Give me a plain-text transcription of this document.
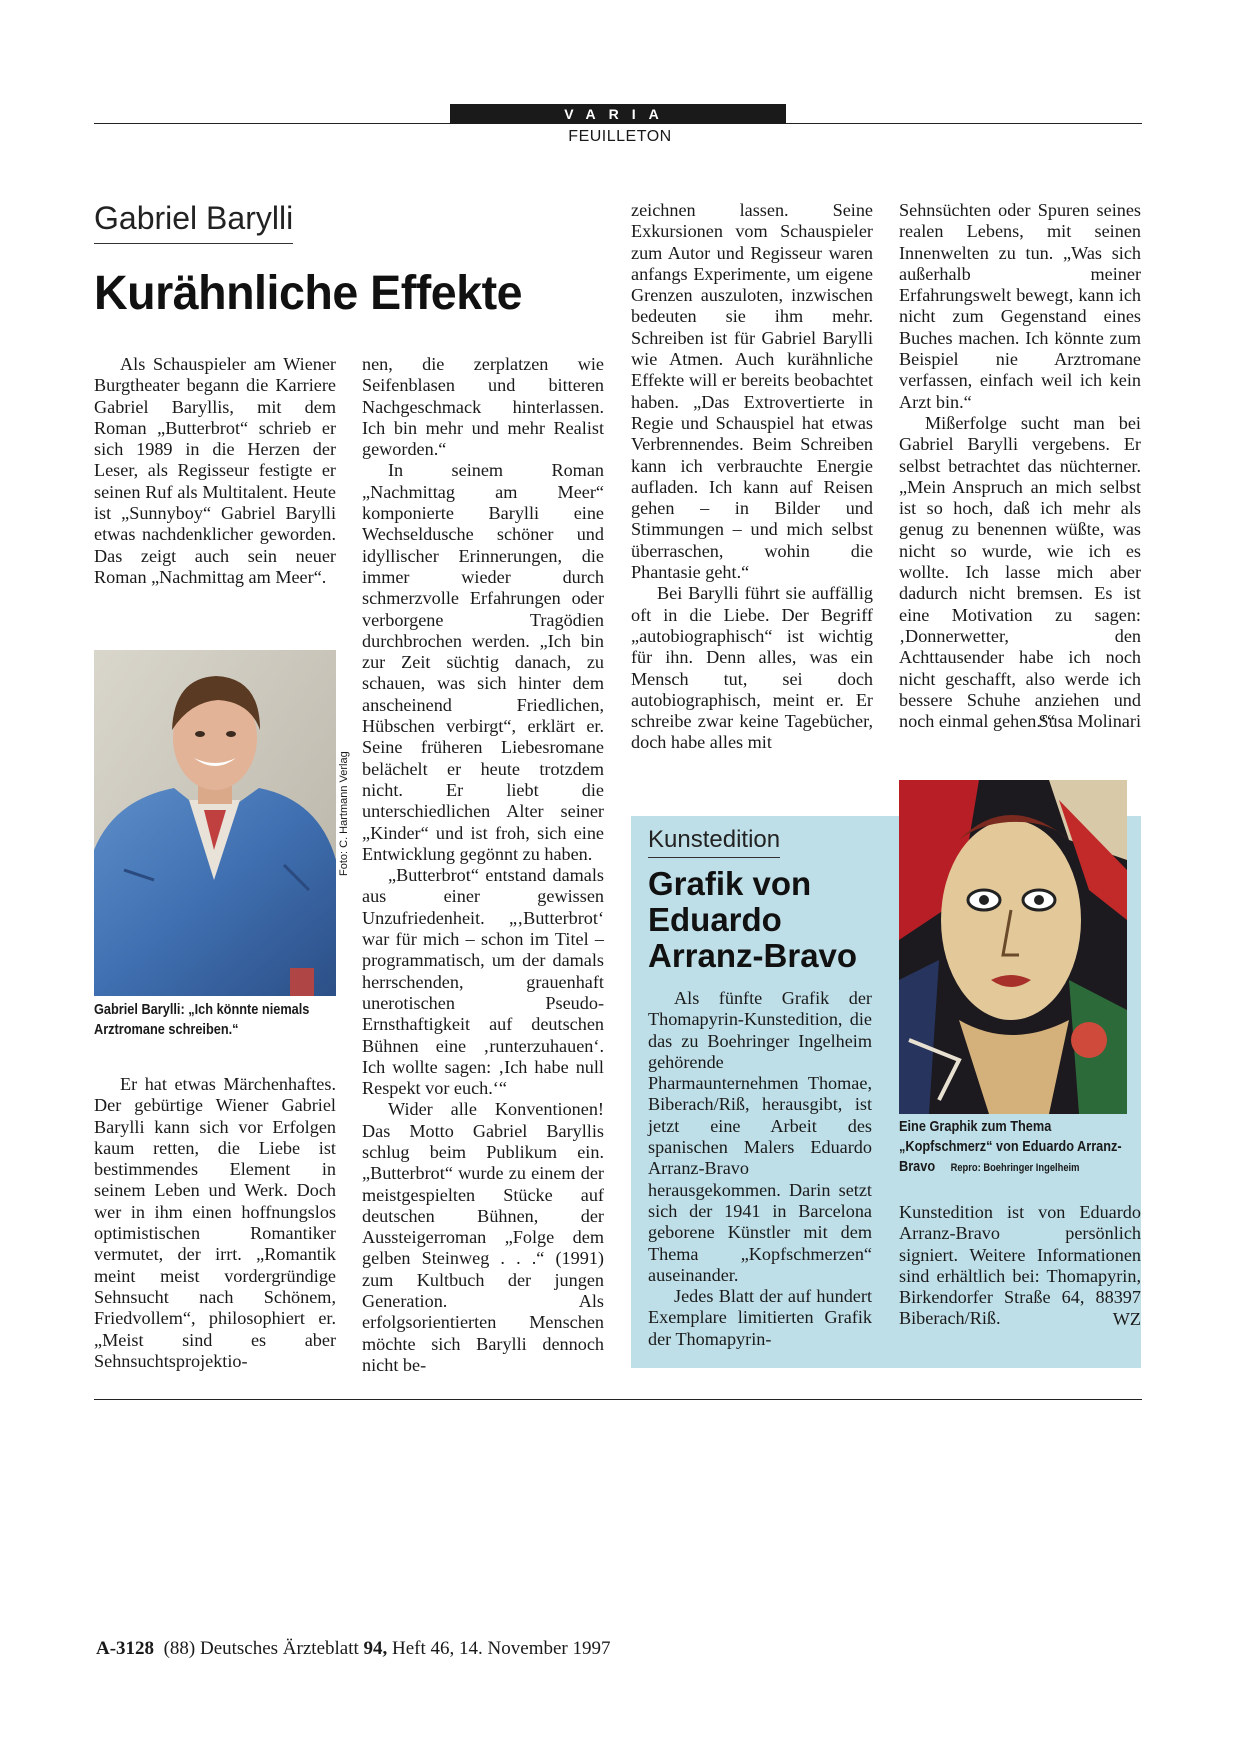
VARIA
FEUILLETON
Gabriel Barylli
Kurähnliche Effekte

Als Schauspieler am Wiener Burgtheater begann die Karriere Gabriel Baryllis, mit dem Roman „Butterbrot“ schrieb er sich 1989 in die Herzen der Leser, als Regisseur festigte er seinen Ruf als Multitalent. Heute ist „Sunnyboy“ Gabriel Barylli etwas nachdenklicher geworden. Das zeigt auch sein neuer Roman „Nachmittag am Meer“.

Foto: C. Hartmann Verlag
Gabriel Barylli: „Ich könnte niemals Arztromane schreiben.“

Er hat etwas Märchenhaftes. Der gebürtige Wiener Gabriel Barylli kann sich vor Erfolgen kaum retten, die Liebe ist bestimmendes Element in seinem Leben und Werk. Doch wer in ihm einen hoffnungslos optimistischen Romantiker vermutet, der irrt. „Romantik meint meist vordergründige Sehnsucht nach Schönem, Friedvollem“, philosophiert er. „Meist sind es aber Sehnsuchtsprojektio-

nen, die zerplatzen wie Seifenblasen und bitteren Nachgeschmack hinterlassen. Ich bin mehr und mehr Realist geworden.“

In seinem Roman „Nachmittag am Meer“ komponierte Barylli eine Wechseldusche schöner und idyllischer Erinnerungen, die immer wieder durch schmerzvolle Erfahrungen oder verborgene Tragödien durchbrochen werden. „Ich bin zur Zeit süchtig danach, zu schauen, was sich hinter dem anscheinend Friedlichen, Hübschen verbirgt“, erklärt er. Seine früheren Liebesromane belächelt er heute trotzdem nicht. Er liebt die unterschiedlichen Alter seiner „Kinder“ und ist froh, sich eine Entwicklung gegönnt zu haben.

„Butterbrot“ entstand damals aus einer gewissen Unzufriedenheit. „‚Butterbrot‘ war für mich – schon im Titel – programmatisch, um der damals herrschenden, grauenhaft unerotischen Pseudo-Ernsthaftigkeit auf deutschen Bühnen eine ‚runterzuhauen‘. Ich wollte sagen: ‚Ich habe null Respekt vor euch.‘“

Wider alle Konventionen! Das Motto Gabriel Baryllis schlug beim Publikum ein. „Butterbrot“ wurde zu einem der meistgespielten Stücke auf deutschen Bühnen, der Aussteigerroman „Folge dem gelben Steinweg . . .“ (1991) zum Kultbuch der jungen Generation. Als erfolgsorientierten Menschen möchte sich Barylli dennoch nicht be-

zeichnen lassen. Seine Exkursionen vom Schauspieler zum Autor und Regisseur waren anfangs Experimente, um eigene Grenzen auszuloten, inzwischen bedeuten sie ihm mehr. Schreiben ist für Gabriel Barylli wie Atmen. Auch kurähnliche Effekte will er bereits beobachtet haben. „Das Extrovertierte in Regie und Schauspiel hat etwas Verbrennendes. Beim Schreiben kann ich verbrauchte Energie aufladen. Ich kann auf Reisen gehen – in Bilder und Stimmungen – und mich selbst überraschen, wohin die Phantasie geht.“

Bei Barylli führt sie auffällig oft in die Liebe. Der Begriff „autobiographisch“ ist wichtig für ihn. Denn alles, was ein Mensch tut, sei doch autobiographisch, meint er. Er schreibe zwar keine Tagebücher, doch habe alles mit

Sehnsüchten oder Spuren seines realen Lebens, mit seinen Innenwelten zu tun. „Was sich außerhalb meiner Erfahrungswelt bewegt, kann ich nicht zum Gegenstand eines Buches machen. Ich könnte zum Beispiel nie Arztromane verfassen, einfach weil ich kein Arzt bin.“

Mißerfolge sucht man bei Gabriel Barylli vergebens. Er selbst betrachtet das nüchterner. „Mein Anspruch an mich selbst ist so hoch, daß ich mehr als genug zu benennen wüßte, was nicht so wurde, wie ich es wollte. Ich lasse mich aber dadurch nicht bremsen. Es ist eine Motivation zu sagen: ‚Donnerwetter, den Achttausender habe ich noch nicht geschafft, also werde ich bessere Schuhe anziehen und noch einmal gehen.‘“

Susa Molinari
Kunstedition
Grafik von Eduardo Arranz-Bravo

Als fünfte Grafik der Thomapyrin-Kunstedition, die das zu Boehringer Ingelheim gehörende Pharmaunternehmen Thomae, Biberach/Riß, herausgibt, ist jetzt eine Arbeit des spanischen Malers Eduardo Arranz-Bravo herausgekommen. Darin setzt sich der 1941 in Barcelona geborene Künstler mit dem Thema „Kopfschmerzen“ auseinander.

Jedes Blatt der auf hundert Exemplare limitierten Grafik der Thomapyrin-

Eine Graphik zum Thema „Kopfschmerz“ von Eduardo Arranz-Bravo Repro: Boehringer Ingelheim

Kunstedition ist von Eduardo Arranz-Bravo persönlich signiert. Weitere Informationen sind erhältlich bei: Thomapyrin, Birkendorfer Straße 64, 88397 Biberach/Riß.	WZ
A-3128 (88) Deutsches Ärzteblatt 94, Heft 46, 14. November 1997
